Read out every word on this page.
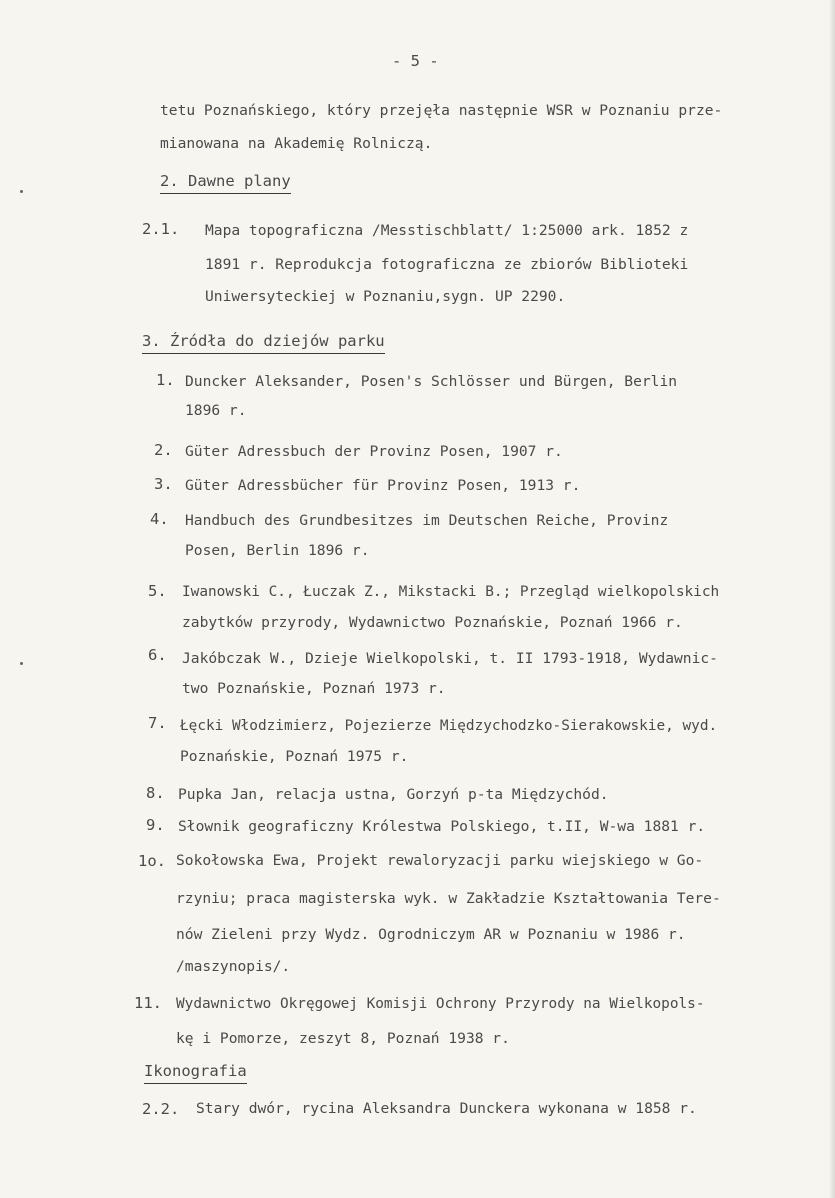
- 5 -
tetu Poznańskiego, który przejęła następnie WSR w Poznaniu prze-
mianowana na Akademię Rolniczą.
2. Dawne plany
2.1. Mapa topograficzna /Messtischblatt/ 1:25000 ark. 1852 z
1891 r. Reprodukcja fotograficzna ze zbiorów Biblioteki
Uniwersyteckiej w Poznaniu,sygn. UP 2290.
3. Źródła do dziejów parku
1. Duncker Aleksander, Posen's Schlösser und Bürgen, Berlin
1896 r.
2. Güter Adressbuch der Provinz Posen, 1907 r.
3. Güter Adressbücher für Provinz Posen, 1913 r.
4. Handbuch des Grundbesitzes im Deutschen Reiche, Provinz
Posen, Berlin 1896 r.
5. Iwanowski C., Łuczak Z., Mikstacki B.; Przegląd wielkopolskich
zabytków przyrody, Wydawnictwo Poznańskie, Poznań 1966 r.
6. Jakóbczak W., Dzieje Wielkopolski, t. II 1793-1918, Wydawnic-
two Poznańskie, Poznań 1973 r.
7. Łęcki Włodzimierz, Pojezierze Międzychodzko-Sierakowskie, wyd.
Poznańskie, Poznań 1975 r.
8. Pupka Jan, relacja ustna, Gorzyń p-ta Międzychód.
9. Słownik geograficzny Królestwa Polskiego, t.II, W-wa 1881 r.
1o. Sokołowska Ewa, Projekt rewaloryzacji parku wiejskiego w Go-
rzyniu; praca magisterska wyk. w Zakładzie Kształtowania Tere-
nów Zieleni przy Wydz. Ogrodniczym AR w Poznaniu w 1986 r.
/maszynopis/.
11. Wydawnictwo Okręgowej Komisji Ochrony Przyrody na Wielkopols-
kę i Pomorze, zeszyt 8, Poznań 1938 r.
Ikonografia
2.2. Stary dwór, rycina Aleksandra Dunckera wykonana w 1858 r.
